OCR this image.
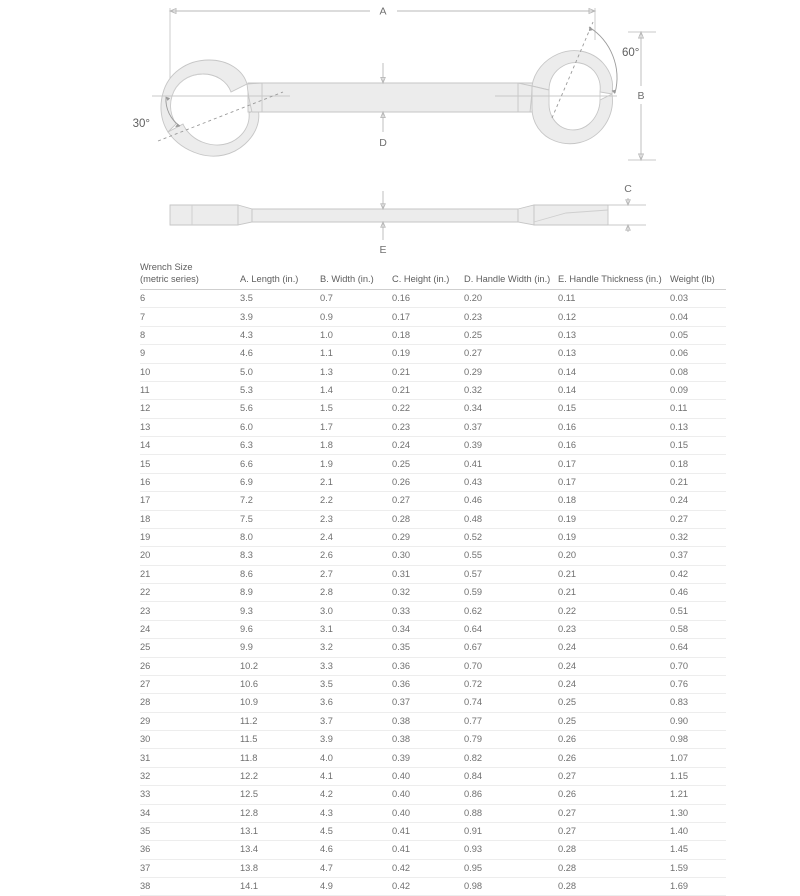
A
30°
60°
B
D
C
E
Wrench Size
(metric series)	A. Length (in.)	B. Width (in.)	C. Height (in.)	D. Handle Width (in.)	E. Handle Thickness (in.)	Weight (lb)
6	3.5	0.7	0.16	0.20	0.11	0.03
7	3.9	0.9	0.17	0.23	0.12	0.04
8	4.3	1.0	0.18	0.25	0.13	0.05
9	4.6	1.1	0.19	0.27	0.13	0.06
10	5.0	1.3	0.21	0.29	0.14	0.08
11	5.3	1.4	0.21	0.32	0.14	0.09
12	5.6	1.5	0.22	0.34	0.15	0.11
13	6.0	1.7	0.23	0.37	0.16	0.13
14	6.3	1.8	0.24	0.39	0.16	0.15
15	6.6	1.9	0.25	0.41	0.17	0.18
16	6.9	2.1	0.26	0.43	0.17	0.21
17	7.2	2.2	0.27	0.46	0.18	0.24
18	7.5	2.3	0.28	0.48	0.19	0.27
19	8.0	2.4	0.29	0.52	0.19	0.32
20	8.3	2.6	0.30	0.55	0.20	0.37
21	8.6	2.7	0.31	0.57	0.21	0.42
22	8.9	2.8	0.32	0.59	0.21	0.46
23	9.3	3.0	0.33	0.62	0.22	0.51
24	9.6	3.1	0.34	0.64	0.23	0.58
25	9.9	3.2	0.35	0.67	0.24	0.64
26	10.2	3.3	0.36	0.70	0.24	0.70
27	10.6	3.5	0.36	0.72	0.24	0.76
28	10.9	3.6	0.37	0.74	0.25	0.83
29	11.2	3.7	0.38	0.77	0.25	0.90
30	11.5	3.9	0.38	0.79	0.26	0.98
31	11.8	4.0	0.39	0.82	0.26	1.07
32	12.2	4.1	0.40	0.84	0.27	1.15
33	12.5	4.2	0.40	0.86	0.26	1.21
34	12.8	4.3	0.40	0.88	0.27	1.30
35	13.1	4.5	0.41	0.91	0.27	1.40
36	13.4	4.6	0.41	0.93	0.28	1.45
37	13.8	4.7	0.42	0.95	0.28	1.59
38	14.1	4.9	0.42	0.98	0.28	1.69
